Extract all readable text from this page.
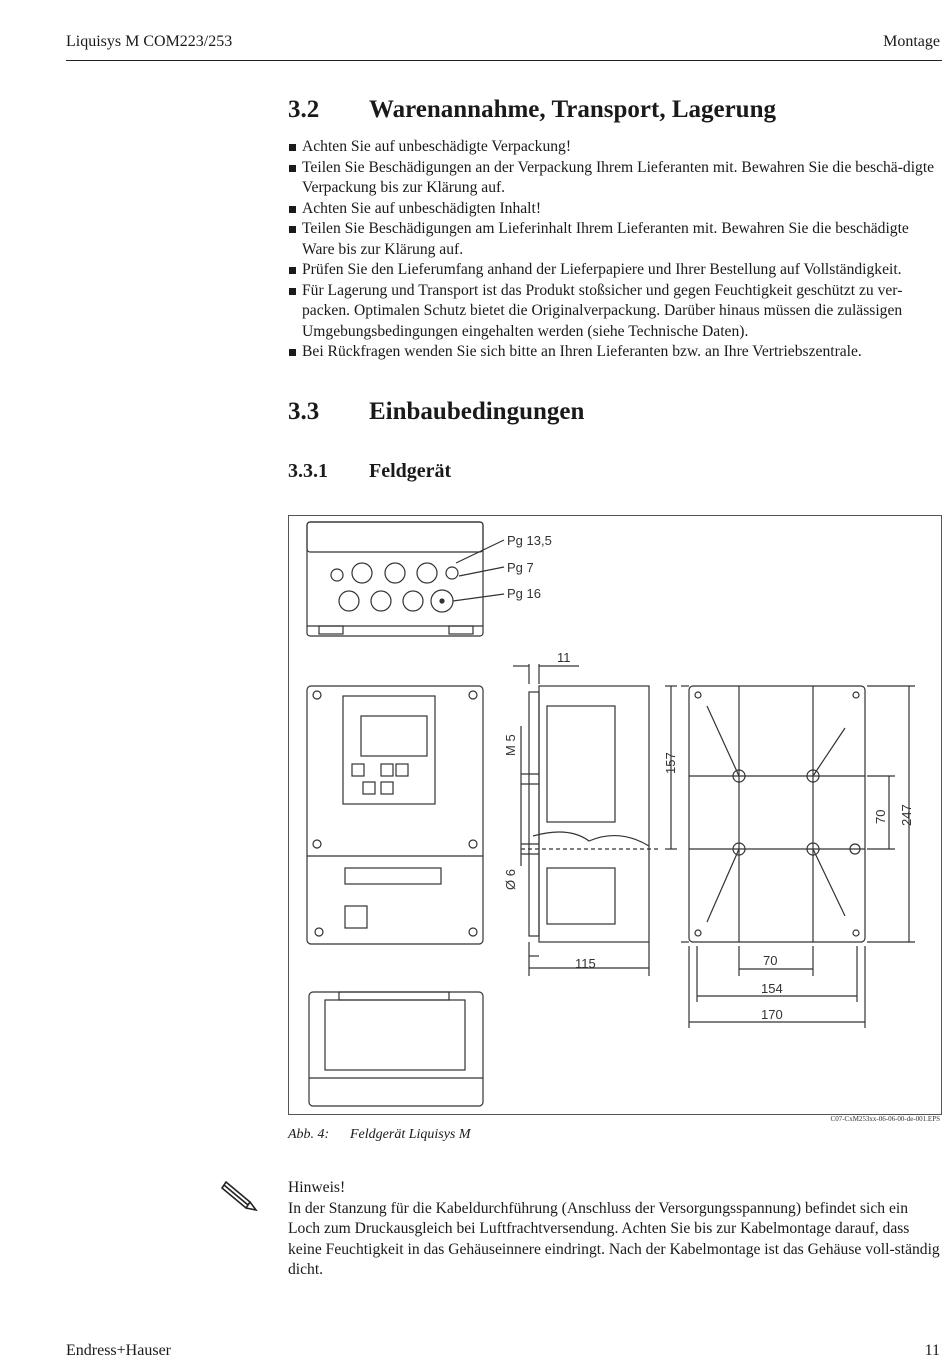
Liquisys M COM223/253	Montage
3.2 Warenannahme, Transport, Lagerung
Achten Sie auf unbeschädigte Verpackung!
Teilen Sie Beschädigungen an der Verpackung Ihrem Lieferanten mit. Bewahren Sie die beschä-digte Verpackung bis zur Klärung auf.
Achten Sie auf unbeschädigten Inhalt!
Teilen Sie Beschädigungen am Lieferinhalt Ihrem Lieferanten mit. Bewahren Sie die beschädigte Ware bis zur Klärung auf.
Prüfen Sie den Lieferumfang anhand der Lieferpapiere und Ihrer Bestellung auf Vollständigkeit.
Für Lagerung und Transport ist das Produkt stoßsicher und gegen Feuchtigkeit geschützt zu ver-packen. Optimalen Schutz bietet die Originalverpackung. Darüber hinaus müssen die zulässigen Umgebungsbedingungen eingehalten werden (siehe Technische Daten).
Bei Rückfragen wenden Sie sich bitte an Ihren Lieferanten bzw. an Ihre Vertriebszentrale.
3.3 Einbaubedingungen
3.3.1 Feldgerät
Pg 13,5
Pg 7
Pg 16
11
M 5
Ø 6
157
70 247
115	70
154
170
C07-CxM253xx-06-06-00-de-001.EPS
Abb. 4: Feldgerät Liquisys M

Hinweis!

In der Stanzung für die Kabeldurchführung (Anschluss der Versorgungsspannung) befindet sich ein Loch zum Druckausgleich bei Luftfrachtversendung. Achten Sie bis zur Kabelmontage darauf, dass keine Feuchtigkeit in das Gehäuseinnere eindringt. Nach der Kabelmontage ist das Gehäuse voll-ständig dicht.

Endress+Hauser	11
